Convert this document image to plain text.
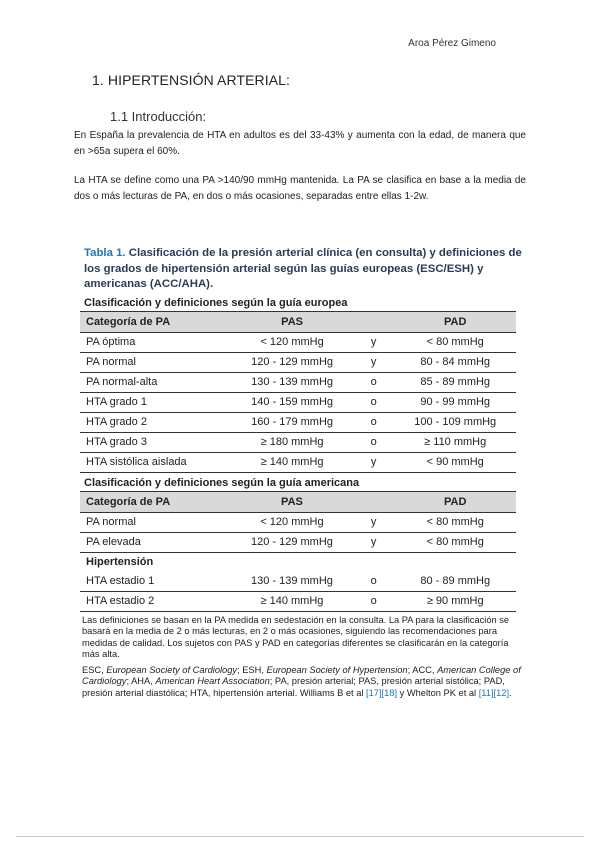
Aroa Pérez Gimeno
1. HIPERTENSIÓN ARTERIAL:
1.1 Introducción:
En España la prevalencia de HTA en adultos es del 33-43% y aumenta con la edad, de manera que en >65a supera el 60%.
La HTA se define como una PA >140/90 mmHg mantenida. La PA se clasifica en base a la media de dos o más lecturas de PA, en dos o más ocasiones, separadas entre ellas 1-2w.
Tabla 1. Clasificación de la presión arterial clínica (en consulta) y definiciones de los grados de hipertensión arterial según las guías europeas (ESC/ESH) y americanas (ACC/AHA).
Clasificación y definiciones según la guía europea
Categoría de PA	PAS		PAD
PA óptima	< 120 mmHg	y	< 80 mmHg
PA normal	120 - 129 mmHg	y	80 - 84 mmHg
PA normal-alta	130 - 139 mmHg	o	85 - 89 mmHg
HTA grado 1	140 - 159 mmHg	o	90 - 99 mmHg
HTA grado 2	160 - 179 mmHg	o	100 - 109 mmHg
HTA grado 3	≥ 180 mmHg	o	≥ 110 mmHg
HTA sistólica aislada	≥ 140 mmHg	y	< 90 mmHg
Clasificación y definiciones según la guía americana
Categoría de PA	PAS		PAD
PA normal	< 120 mmHg	y	< 80 mmHg
PA elevada	120 - 129 mmHg	y	< 80 mmHg
Hipertensión			
HTA estadio 1	130 - 139 mmHg	o	80 - 89 mmHg
HTA estadio 2	≥ 140 mmHg	o	≥ 90 mmHg

Las definiciones se basan en la PA medida en sedestación en la consulta. La PA para la clasificación se basará en la media de 2 o más lecturas, en 2 o más ocasiones, siguiendo las recomendaciones para medidas de calidad. Los sujetos con PAS y PAD en categorías diferentes se clasificarán en la categoría más alta.

ESC, European Society of Cardiology; ESH, European Society of Hypertension; ACC, American College of Cardiology; AHA, American Heart Association; PA, presión arterial; PAS, presión arterial sistólica; PAD, presión arterial diastólica; HTA, hipertensión arterial. Williams B et al [17][18] y Whelton PK et al [11][12].
